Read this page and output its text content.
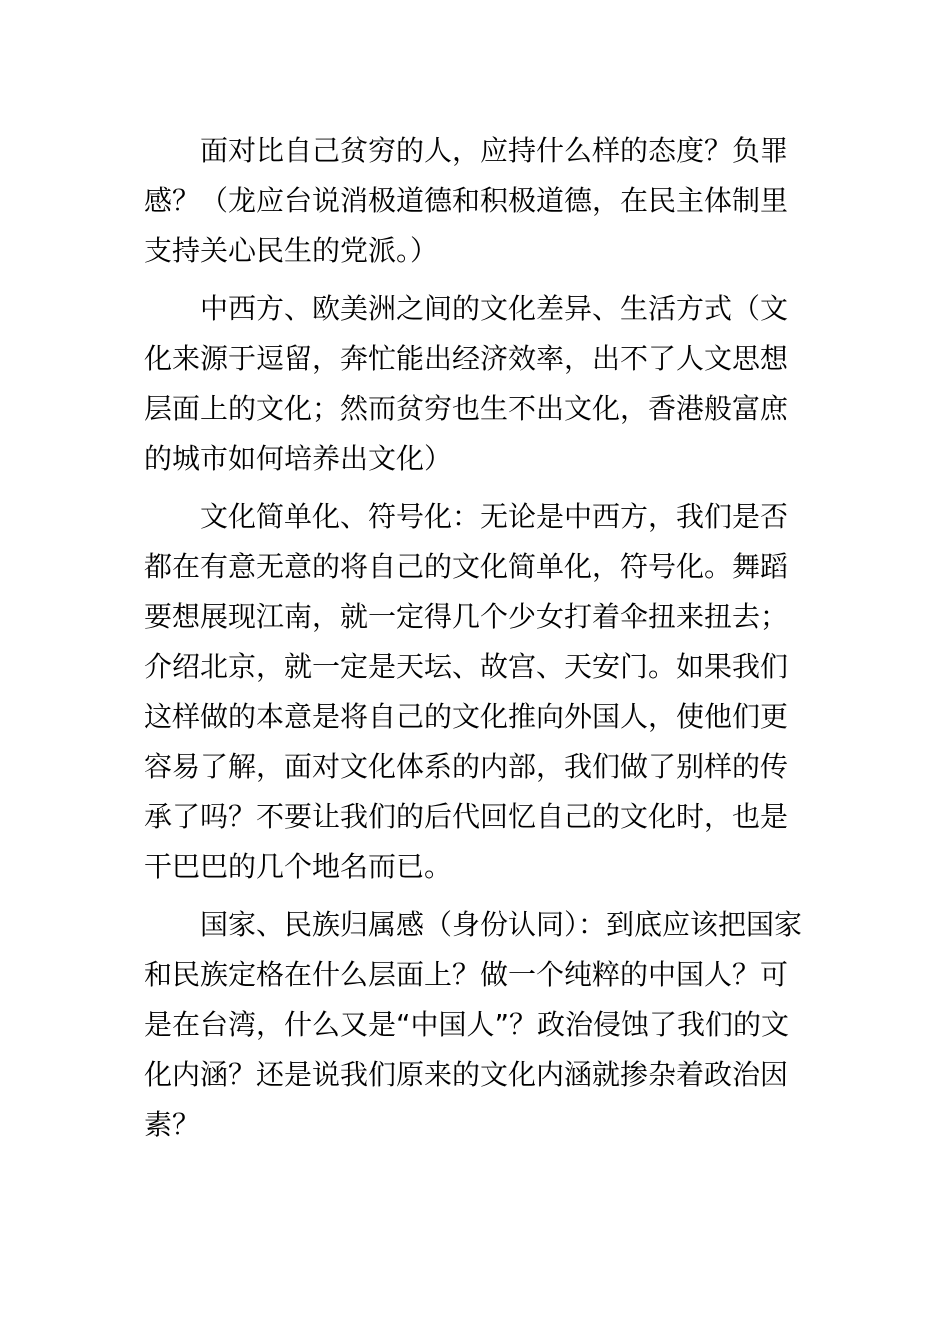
面对比自己贫穷的人，应持什么样的态度？负罪感？（龙应台说消极道德和积极道德，在民主体制里支持关心民生的党派。）

中西方、欧美洲之间的文化差异、生活方式（文化来源于逗留，奔忙能出经济效率，出不了人文思想层面上的文化；然而贫穷也生不出文化，香港般富庶的城市如何培养出文化）

文化简单化、符号化：无论是中西方，我们是否都在有意无意的将自己的文化简单化，符号化。舞蹈要想展现江南，就一定得几个少女打着伞扭来扭去；介绍北京，就一定是天坛、故宫、天安门。如果我们这样做的本意是将自己的文化推向外国人，使他们更容易了解，面对文化体系的内部，我们做了别样的传承了吗？不要让我们的后代回忆自己的文化时，也是干巴巴的几个地名而已。

国家、民族归属感（身份认同）：到底应该把国家和民族定格在什么层面上？做一个纯粹的中国人？可是在台湾，什么又是“中国人”？政治侵蚀了我们的文化内涵？还是说我们原来的文化内涵就掺杂着政治因素？
